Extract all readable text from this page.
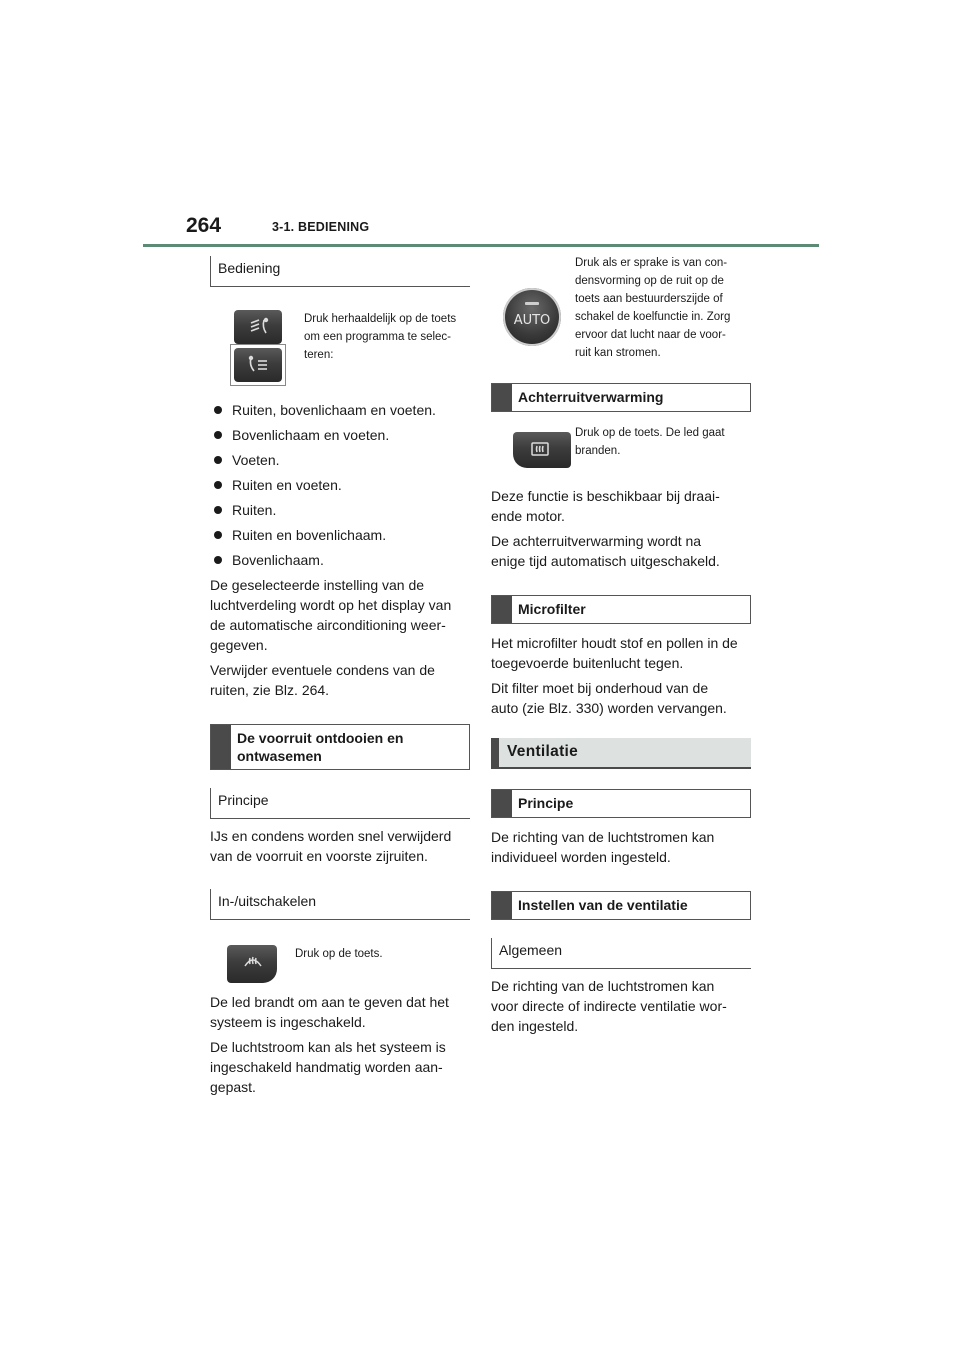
264	3-1. BEDIENING
Bediening
Druk herhaaldelijk op de toets
om een programma te selec-
teren:
Ruiten, bovenlichaam en voeten.
Bovenlichaam en voeten.
Voeten.
Ruiten en voeten.
Ruiten.
Ruiten en bovenlichaam.
Bovenlichaam.
De geselecteerde instelling van de
luchtverdeling wordt op het display van
de automatische airconditioning weer-
gegeven.
Verwijder eventuele condens van de
ruiten, zie Blz. 264.
De voorruit ontdooien en
ontwasemen
Principe
IJs en condens worden snel verwijderd
van de voorruit en voorste zijruiten.
In-/uitschakelen
Druk op de toets.
De led brandt om aan te geven dat het
systeem is ingeschakeld.
De luchtstroom kan als het systeem is
ingeschakeld handmatig worden aan-
gepast.
AUTO
Druk als er sprake is van con-
densvorming op de ruit op de
toets aan bestuurderszijde of
schakel de koelfunctie in. Zorg
ervoor dat lucht naar de voor-
ruit kan stromen.
Achterruitverwarming
Druk op de toets. De led gaat
branden.
Deze functie is beschikbaar bij draai-
ende motor.
De achterruitverwarming wordt na
enige tijd automatisch uitgeschakeld.
Microfilter
Het microfilter houdt stof en pollen in de
toegevoerde buitenlucht tegen.
Dit filter moet bij onderhoud van de
auto (zie Blz. 330) worden vervangen.
Ventilatie
Principe
De richting van de luchtstromen kan
individueel worden ingesteld.
Instellen van de ventilatie
Algemeen
De richting van de luchtstromen kan
voor directe of indirecte ventilatie wor-
den ingesteld.
